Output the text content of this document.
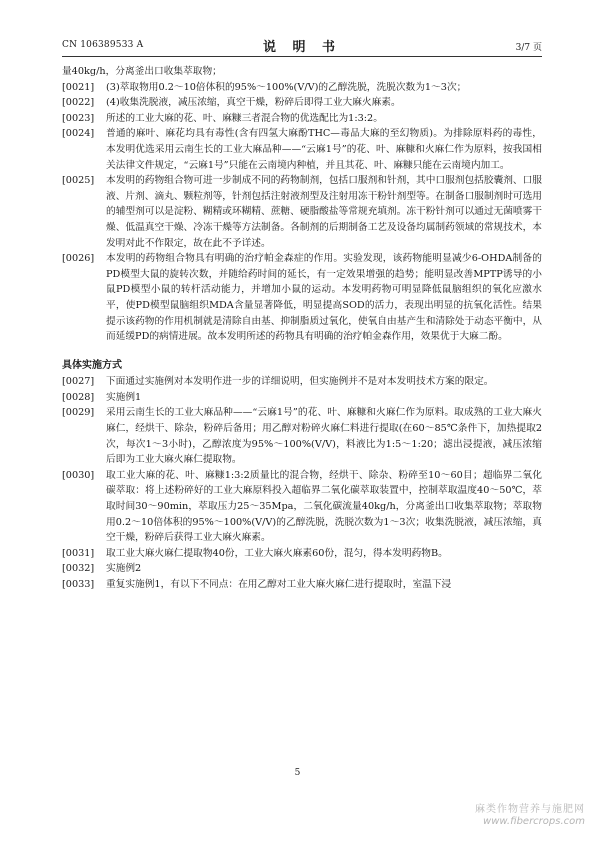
CN 106389533 A	说 明 书	3/7 页
量40kg/h，分离釜出口收集萃取物；
[0021]	(3)萃取物用0.2～10倍体积的95%～100%(V/V)的乙醇洗脱，洗脱次数为1～3次；
[0022]	(4)收集洗脱液，减压浓缩，真空干燥，粉碎后即得工业大麻火麻素。
[0023]	所述的工业大麻的花、叶、麻糠三者混合物的优选配比为1:3:2。
[0024]	普通的麻叶、麻花均具有毒性(含有四氢大麻酚THC—毒品大麻的至幻物质)。为排除原料药的毒性，本发明优选采用云南生长的工业大麻品种——“云麻1号”的花、叶、麻糠和火麻仁作为原料，按我国相关法律文件规定，“云麻1号”只能在云南境内种植，并且其花、叶、麻糠只能在云南境内加工。
[0025]	本发明的药物组合物可进一步制成不同的药物制剂，包括口服剂和针剂，其中口服剂包括胶囊剂、口服液、片剂、滴丸、颗粒剂等，针剂包括注射液剂型及注射用冻干粉针剂型等。在制备口服制剂时可选用的辅型剂可以是淀粉、糊精或环糊精、蔗糖、硬脂酸盐等常规充填剂。冻干粉针剂可以通过无菌喷雾干燥、低温真空干燥、冷冻干燥等方法制备。各制剂的后期制备工艺及设备均属制药领域的常规技术，本发明对此不作限定，故在此不予详述。
[0026]	本发明的药物组合物具有明确的治疗帕金森症的作用。实验发现，该药物能明显减少6-OHDA制备的PD模型大鼠的旋转次数，并随给药时间的延长，有一定效果增强的趋势；能明显改善MPTP诱导的小鼠PD模型小鼠的转杆活动能力，并增加小鼠的运动。本发明药物可明显降低鼠脑组织的氧化应激水平，使PD模型鼠脑组织MDA含量显著降低，明显提高SOD的活力，表现出明显的抗氧化活性。结果提示该药物的作用机制就是清除自由基、抑制脂质过氧化，使氧自由基产生和清除处于动态平衡中，从而延缓PD的病情进展。故本发明所述的药物具有明确的治疗帕金森作用，效果优于大麻二酚。
具体实施方式
[0027]	下面通过实施例对本发明作进一步的详细说明，但实施例并不是对本发明技术方案的限定。
[0028]	实施例1
[0029]	采用云南生长的工业大麻品种——“云麻1号”的花、叶、麻糠和火麻仁作为原料。取成熟的工业大麻火麻仁，经烘干、除杂，粉碎后备用；用乙醇对粉碎火麻仁料进行提取(在60～85℃条件下，加热提取2次，每次1～3小时)，乙醇浓度为95%～100%(V/V)，料液比为1:5～1:20；滤出浸提液，减压浓缩后即为工业大麻火麻仁提取物。
[0030]	取工业大麻的花、叶、麻糠1:3:2质量比的混合物，经烘干、除杂、粉碎至10～60目；超临界二氧化碳萃取：将上述粉碎好的工业大麻原料投入超临界二氧化碳萃取装置中，控制萃取温度40～50℃，萃取时间30～90min，萃取压力25～35Mpa，二氧化碳流量40kg/h，分离釜出口收集萃取物；萃取物用0.2～10倍体积的95%～100%(V/V)的乙醇洗脱，洗脱次数为1～3次；收集洗脱液，减压浓缩，真空干燥，粉碎后获得工业大麻火麻素。
[0031]	取工业大麻火麻仁提取物40份，工业大麻火麻素60份，混匀，得本发明药物B。
[0032]	实施例2
[0033]	重复实施例1，有以下不同点：在用乙醇对工业大麻火麻仁进行提取时，室温下浸
5
麻类作物营养与施肥网
www.fibercrops.com
